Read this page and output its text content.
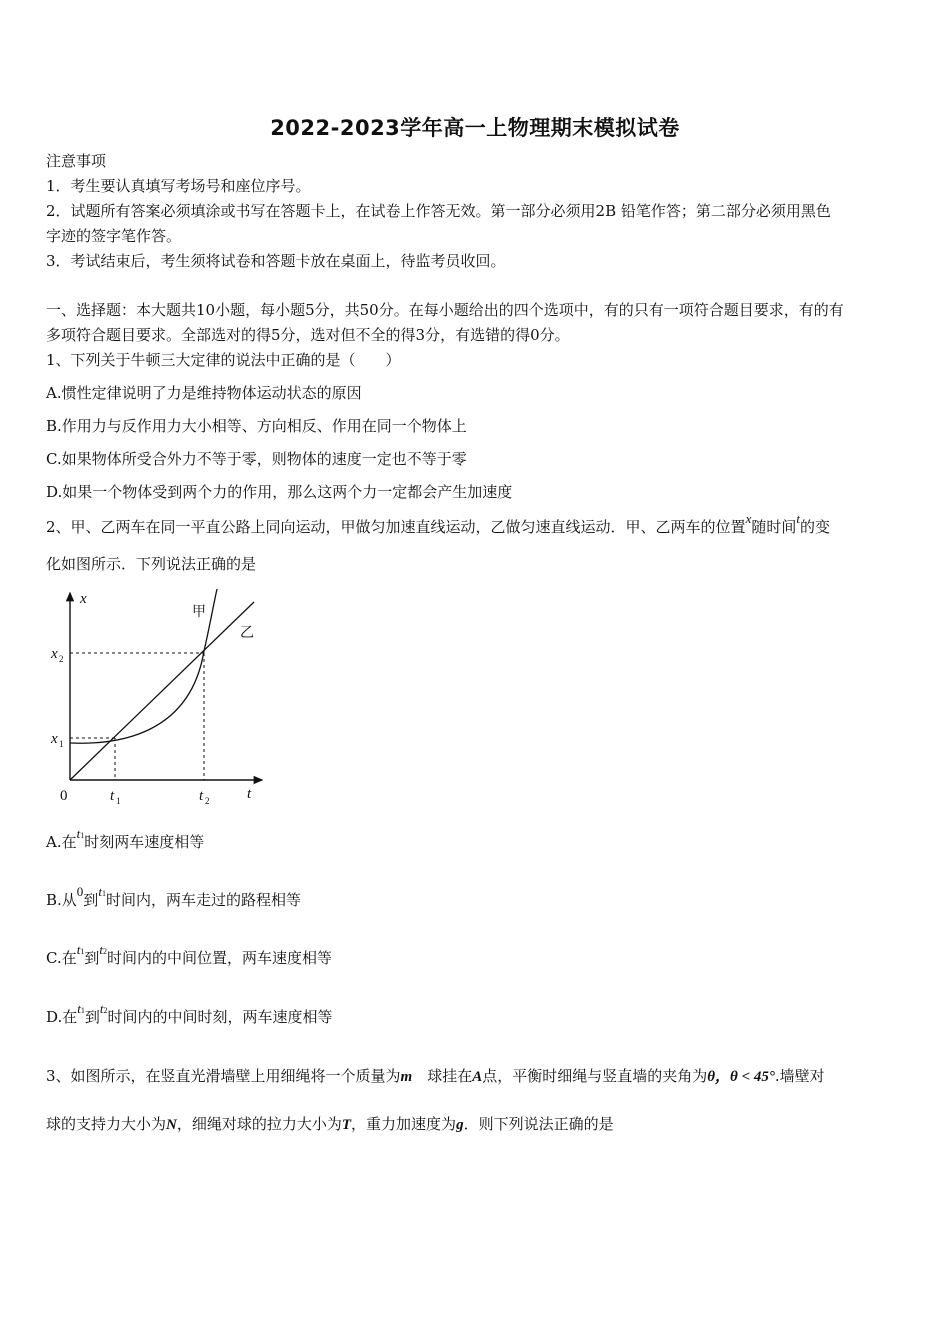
2022-2023学年高一上物理期末模拟试卷
注意事项
1．考生要认真填写考场号和座位序号。
2．试题所有答案必须填涂或书写在答题卡上，在试卷上作答无效。第一部分必须用2B 铅笔作答；第二部分必须用黑色
字迹的签字笔作答。
3．考试结束后，考生须将试卷和答题卡放在桌面上，待监考员收回。
一、选择题：本大题共10小题，每小题5分，共50分。在每小题给出的四个选项中，有的只有一项符合题目要求，有的有
多项符合题目要求。全部选对的得5分，选对但不全的得3分，有选错的得0分。
1、下列关于牛顿三大定律的说法中正确的是（　　）
A.惯性定律说明了力是维持物体运动状态的原因
B.作用力与反作用力大小相等、方向相反、作用在同一个物体上
C.如果物体所受合外力不等于零，则物体的速度一定也不等于零
D.如果一个物体受到两个力的作用，那么这两个力一定都会产生加速度
2、甲、乙两车在同一平直公路上同向运动，甲做匀加速直线运动，乙做匀速直线运动．甲、乙两车的位置x随时间t的变
化如图所示．下列说法正确的是
x
t
0
甲
乙
x 2
x 1
t 1	t 2
A.在t1时刻两车速度相等
B.从0到t1时间内，两车走过的路程相等
C.在t1到t2时间内的中间位置，两车速度相等
D.在t1到t2时间内的中间时刻，两车速度相等
3、如图所示，在竖直光滑墙壁上用细绳将一个质量为m　球挂在A点，平衡时细绳与竖直墙的夹角为θ，θ < 45°.墙壁对
球的支持力大小为N，细绳对球的拉力大小为T，重力加速度为g．则下列说法正确的是
